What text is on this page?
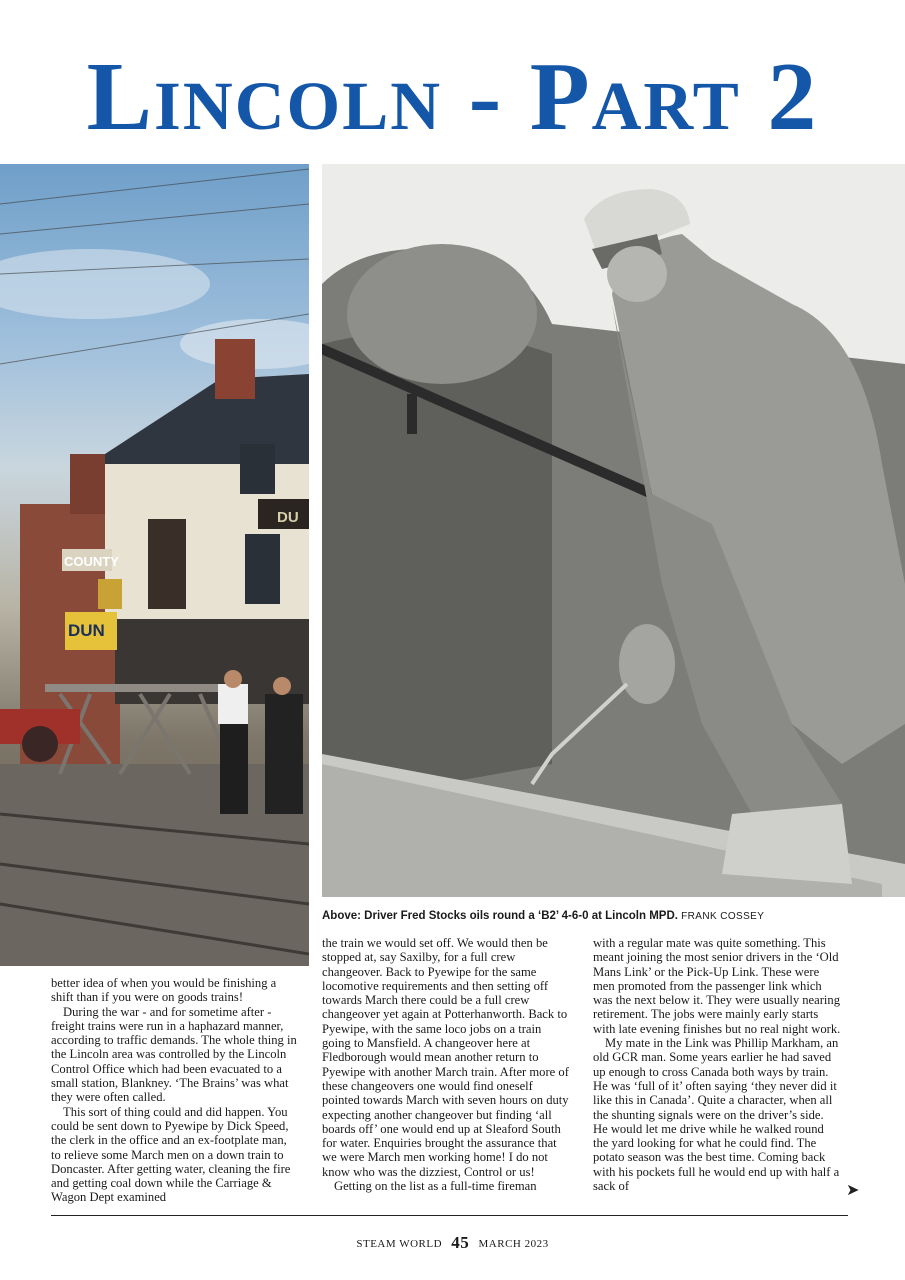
Lincoln - Part 2
COUNTY
DUN
DU
Above: Driver Fred Stocks oils round a ‘B2’ 4-6-0 at Lincoln MPD. FRANK COSSEY

better idea of when you would be finishing a shift than if you were on goods trains!

During the war - and for sometime after - freight trains were run in a haphazard manner, according to traffic demands. The whole thing in the Lincoln area was controlled by the Lincoln Control Office which had been evacuated to a small station, Blankney. ‘The Brains’ was what they were often called.

This sort of thing could and did happen. You could be sent down to Pyewipe by Dick Speed, the clerk in the office and an ex-footplate man, to relieve some March men on a down train to Doncaster. After getting water, cleaning the fire and getting coal down while the Carriage & Wagon Dept examined

the train we would set off. We would then be stopped at, say Saxilby, for a full crew changeover. Back to Pyewipe for the same locomotive requirements and then setting off towards March there could be a full crew changeover yet again at Potterhanworth. Back to Pyewipe, with the same loco jobs on a train going to Mansfield. A changeover here at Fledborough would mean another return to Pyewipe with another March train. After more of these changeovers one would find oneself pointed towards March with seven hours on duty expecting another changeover but finding ‘all boards off’ one would end up at Sleaford South for water. Enquiries brought the assurance that we were March men working home! I do not know who was the dizziest, Control or us!

Getting on the list as a full-time fireman

with a regular mate was quite something. This meant joining the most senior drivers in the ‘Old Mans Link’ or the Pick-Up Link. These were men promoted from the passenger link which was the next below it. They were usually nearing retirement. The jobs were mainly early starts with late evening finishes but no real night work.

My mate in the Link was Phillip Markham, an old GCR man. Some years earlier he had saved up enough to cross Canada both ways by train. He was ‘full of it’ often saying ‘they never did it like this in Canada’. Quite a character, when all the shunting signals were on the driver’s side. He would let me drive while he walked round the yard looking for what he could find. The potato season was the best time. Coming back with his pockets full he would end up with half a sack of	➤
STEAM WORLD 45 MARCH 2023
